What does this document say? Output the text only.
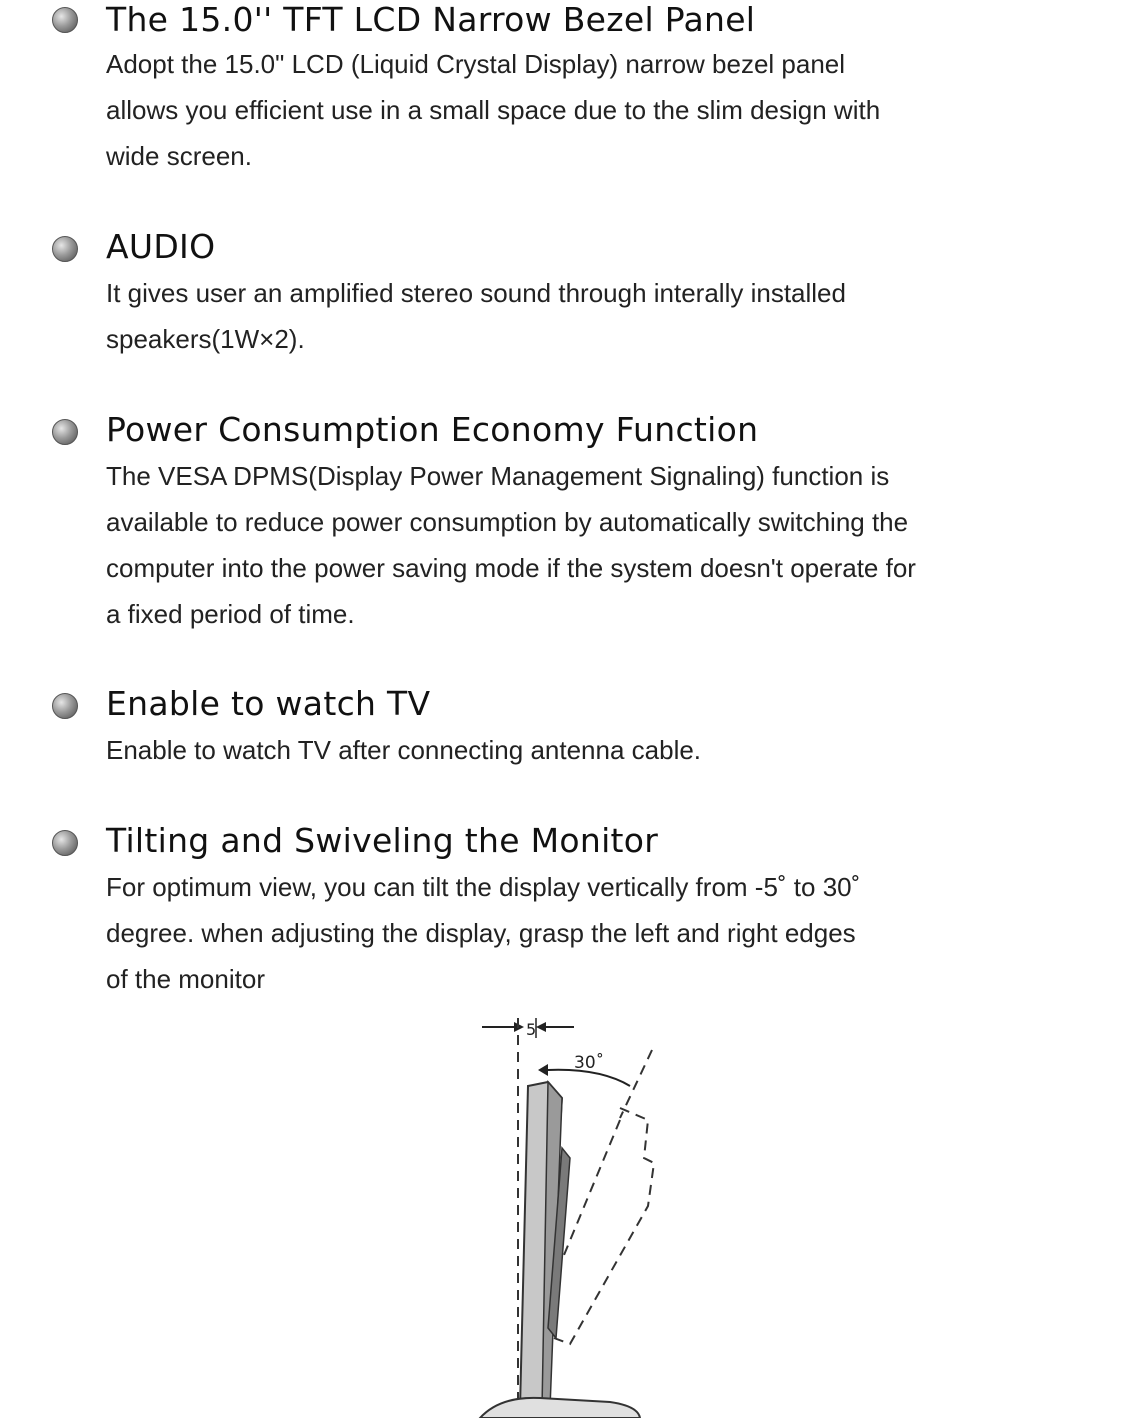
The 15.0'' TFT LCD Narrow Bezel Panel

Adopt the 15.0" LCD (Liquid Crystal Display) narrow bezel panel
allows you efficient use in a small space due to the slim design with
wide screen.

AUDIO

It gives user an amplified stereo sound through interally installed
speakers(1W×2).

Power Consumption Economy Function

The VESA DPMS(Display Power Management Signaling) function is
available to reduce power consumption by automatically switching the
computer into the power saving mode if the system doesn't operate for
a fixed period of time.

Enable to watch TV

Enable to watch TV after connecting antenna cable.

Tilting and Swiveling the Monitor

For optimum view, you can tilt the display vertically from -5˚ to 30˚
degree. when adjusting the display, grasp the left and right edges
of the monitor

5
30˚
